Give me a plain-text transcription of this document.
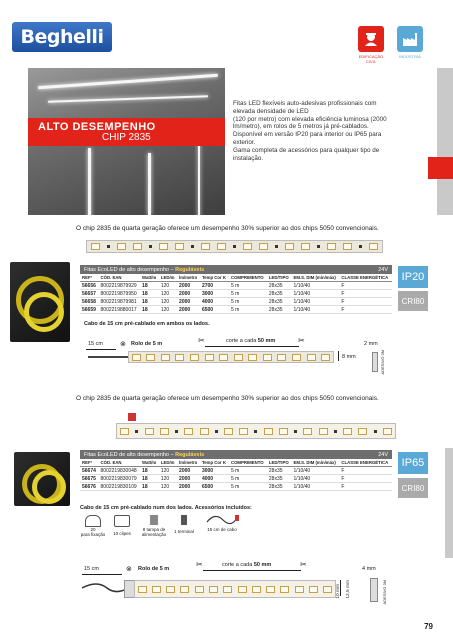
Beghelli
EDIFICAÇÃO CIVIL
INDÚSTRIA
ALTO DESEMPENHO
CHIP 2835

Fitas LED flexíveis auto-adesivas profissionais com elevada densidade de LED

(120 por metro) com elevada eficiência luminosa (2000 lm/metro), em rolos de 5 metros já pré-cablados. Disponível em versão IP20 para interior ou IP65 para exterior.

Gama completa de acessórios para qualquer tipo de instalação.

O chip 2835 de quarta geração oferece um desempenho 30% superior ao dos chips 5050 convencionais.
Fitas EcoLED de alto desempenho – Reguláveis	24V
REF°	CÓD. EAN	Watt/m	LED/m	lm/metro	Temp Cor K	COMPRIMENTO	LED/TIPO	EM.S. DIM (mín/máx)	CLASSE ENERGÉTICA
56656	8002219879929	18	120	2000	2700	5 m	28x35	1/10/40	F
56657	8002219879950	18	120	2000	3000	5 m	28x35	1/10/40	F
56658	8002219879981	18	120	2000	4000	5 m	28x35	1/10/40	F
56659	8002219880017	18	120	2000	6500	5 m	28x35	1/10/40	F
IP20
CRI80
Cabo de 15 cm pré-cablado em ambos os lados.
15 cm ⊗ Rolo de 5 m	✂	✂
corte a cada 50 mm
8 mm
2 mm
ADESIVO 3M
O chip 2835 de quarta geração oferece um desempenho 30% superior ao dos chips 5050 convencionais.
Fitas EcoLED de alto desempenho – Reguláveis	24V
REF°	CÓD. EAN	Watt/m	LED/m	lm/metro	Temp Cor K	COMPRIMENTO	LED/TIPO	EM.S. DIM (mín/máx)	CLASSE ENERGÉTICA
56674	8002219830048	18	120	2000	3000	5 m	28x35	1/10/40	F
56675	8002219830079	18	120	2000	4000	5 m	28x35	1/10/40	F
56676	8002219830109	18	120	2000	6500	5 m	28x35	1/10/40	F
IP65
CRI80
Cabo de 15 cm pré-cablado num dos lados. Acessórios incluídos:
20
para fixação	10 clipes
8 tampa de alimentação
1 terminal	15 cm de cabo
15 cm	⊗ Rolo de 5 m	✂	✂
corte a cada 50 mm
10 mm 12,5 mm
4 mm
ADESIVO 3M
79
